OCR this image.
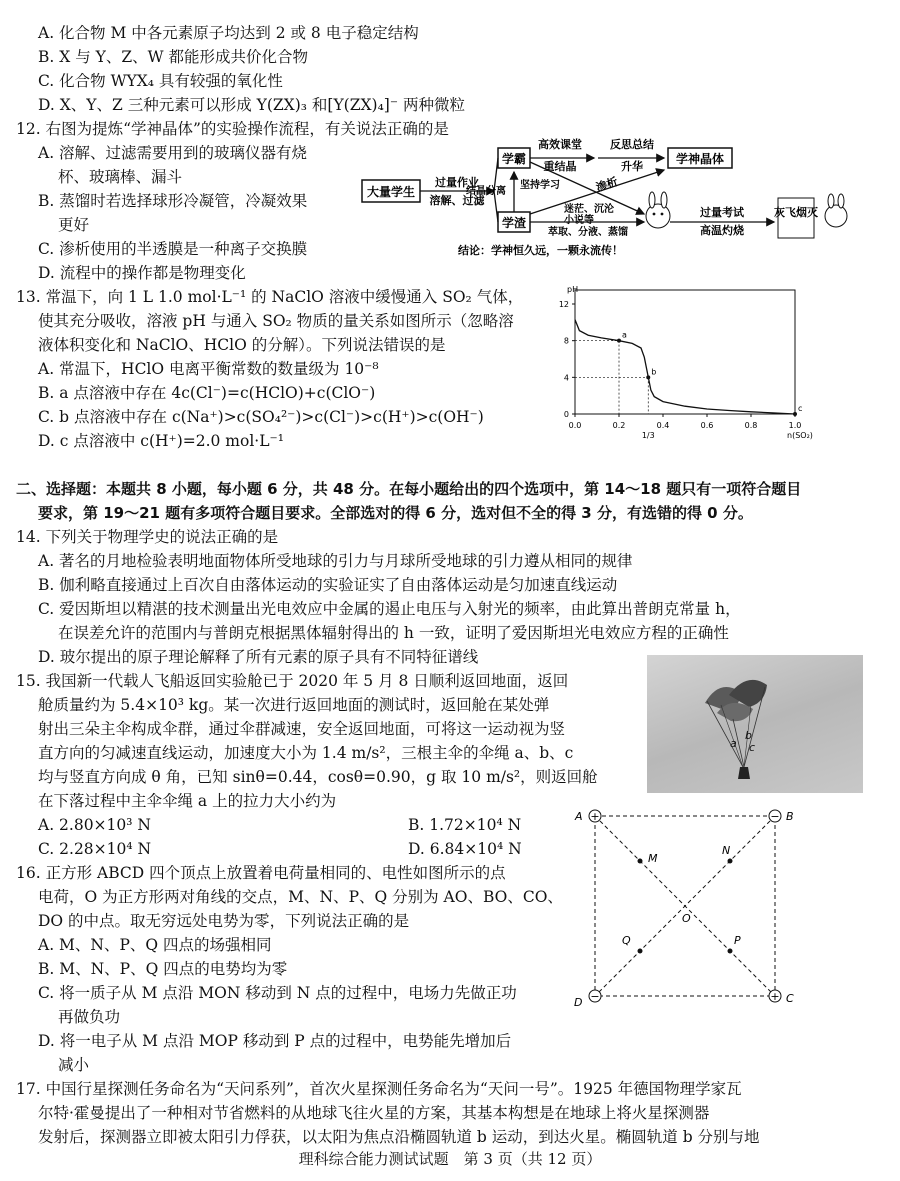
A. 化合物 M 中各元素原子均达到 2 或 8 电子稳定结构
B. X 与 Y、Z、W 都能形成共价化合物
C. 化合物 WYX₄ 具有较强的氧化性
D. X、Y、Z 三种元素可以形成 Y(ZX)₃ 和[Y(ZX)₄]⁻ 两种微粒
12. 右图为提炼“学神晶体”的实验操作流程，有关说法正确的是
A. 溶解、过滤需要用到的玻璃仪器有烧
杯、玻璃棒、漏斗
B. 蒸馏时若选择球形冷凝管，冷凝效果
更好
C. 渗析使用的半透膜是一种离子交换膜
D. 流程中的操作都是物理变化
13. 常温下，向 1 L 1.0 mol·L⁻¹ 的 NaClO 溶液中缓慢通入 SO₂ 气体，
使其充分吸收，溶液 pH 与通入 SO₂ 物质的量关系如图所示（忽略溶
液体积变化和 NaClO、HClO 的分解）。下列说法错误的是
A. 常温下，HClO 电离平衡常数的数量级为 10⁻⁸
B. a 点溶液中存在 4c(Cl⁻)=c(HClO)+c(ClO⁻)
C. b 点溶液中存在 c(Na⁺)>c(SO₄²⁻)>c(Cl⁻)>c(H⁺)>c(OH⁻)
D. c 点溶液中 c(H⁺)=2.0 mol·L⁻¹
二、选择题：本题共 8 小题，每小题 6 分，共 48 分。在每小题给出的四个选项中，第 14～18 题只有一项符合题目
要求，第 19～21 题有多项符合题目要求。全部选对的得 6 分，选对但不全的得 3 分，有选错的得 0 分。
14. 下列关于物理学史的说法正确的是
A. 著名的月地检验表明地面物体所受地球的引力与月球所受地球的引力遵从相同的规律
B. 伽利略直接通过上百次自由落体运动的实验证实了自由落体运动是匀加速直线运动
C. 爱因斯坦以精湛的技术测量出光电效应中金属的遏止电压与入射光的频率，由此算出普朗克常量 h，
在误差允许的范围内与普朗克根据黑体辐射得出的 h 一致，证明了爱因斯坦光电效应方程的正确性
D. 玻尔提出的原子理论解释了所有元素的原子具有不同特征谱线
15. 我国新一代载人飞船返回实验舱已于 2020 年 5 月 8 日顺利返回地面，返回
舱质量约为 5.4×10³ kg。某一次进行返回地面的测试时，返回舱在某处弹
射出三朵主伞构成伞群，通过伞群减速，安全返回地面，可将这一运动视为竖
直方向的匀减速直线运动，加速度大小为 1.4 m/s²，三根主伞的伞绳 a、b、c
均与竖直方向成 θ 角，已知 sinθ=0.44，cosθ=0.90，g 取 10 m/s²，则返回舱
在下落过程中主伞伞绳 a 上的拉力大小约为
A. 2.80×10³ N	B. 1.72×10⁴ N
C. 2.28×10⁴ N	D. 6.84×10⁴ N
16. 正方形 ABCD 四个顶点上放置着电荷量相同的、电性如图所示的点
电荷，O 为正方形两对角线的交点，M、N、P、Q 分别为 AO、BO、CO、
DO 的中点。取无穷远处电势为零，下列说法正确的是
A. M、N、P、Q 四点的场强相同
B. M、N、P、Q 四点的电势均为零
C. 将一质子从 M 点沿 MON 移动到 N 点的过程中，电场力先做正功
再做负功
D. 将一电子从 M 点沿 MOP 移动到 P 点的过程中，电势能先增加后
减小
17. 中国行星探测任务命名为“天问系列”，首次火星探测任务命名为“天问一号”。1925 年德国物理学家瓦
尔特·霍曼提出了一种相对节省燃料的从地球飞往火星的方案，其基本构想是在地球上将火星探测器
发射后，探测器立即被太阳引力俘获，以太阳为焦点沿椭圆轨道 b 运动，到达火星。椭圆轨道 b 分别与地
大量学生
学霸	学神晶体
学渣
灰飞烟灭
过量作业
溶解、过滤
高效课堂
重结晶
反思总结
升华
结晶分离
坚持学习	渗析
迷茫、沉沦
小说等
萃取、分液、蒸馏
过量考试
高温灼烧
结论：学神恒久远，一颗永流传！
0
4
8
12
0.0	0.2	0.4	0.6	0.8	1.0
1/3
pH
n(SO₂)
a
b
c
a
b
c
+	−
+
−
A	B
C
D
M
N
P
Q
O
理科综合能力测试试题　第 3 页（共 12 页）
